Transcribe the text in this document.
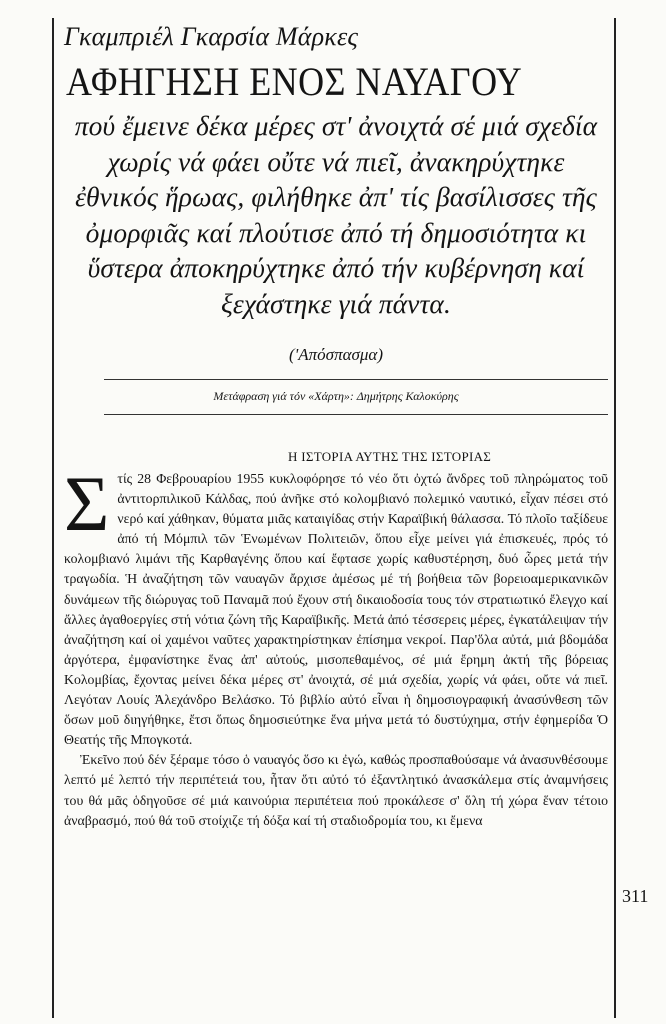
Γκαμπριέλ Γκαρσία Μάρκες
ΑΦΗΓΗΣΗ ΕΝΟΣ ΝΑΥΑΓΟΥ
πού ἔμεινε δέκα μέρες στ' ἀνοιχτά σέ μιά σχεδία χωρίς νά φάει οὔτε νά πιεῖ, ἀνακηρύχτηκε ἐθνικός ἥρωας, φιλήθηκε ἀπ' τίς βασίλισσες τῆς ὀμορφιᾶς καί πλούτισε ἀπό τή δημοσιότητα κι ὕστερα ἀποκηρύχτηκε ἀπό τήν κυβέρνηση καί ξεχάστηκε γιά πάντα.
('Απόσπασμα)
Μετάφραση γιά τόν «Χάρτη»: Δημήτρης Καλοκύρης
Η ΙΣΤΟΡΙΑ ΑΥΤΗΣ ΤΗΣ ΙΣΤΟΡΙΑΣ

Στίς 28 Φεβρουαρίου 1955 κυκλοφόρησε τό νέο ὅτι ὀχτώ ἄνδρες τοῦ πληρώματος τοῦ ἀντιτορπιλικοῦ Κάλδας, πού ἀνῆκε στό κολομβιανό πολεμικό ναυτικό, εἶχαν πέσει στό νερό καί χάθηκαν, θύματα μιᾶς καταιγίδας στήν Καραϊβική θάλασσα. Τό πλοῖο ταξίδευε ἀπό τή Μόμπιλ τῶν Ἑνωμένων Πολιτειῶν, ὅπου εἶχε μείνει γιά ἐπισκευές, πρός τό κολομβιανό λιμάνι τῆς Καρθαγένης ὅπου καί ἔφτασε χωρίς καθυστέρηση, δυό ὧρες μετά τήν τραγωδία. Ἡ ἀναζήτηση τῶν ναυαγῶν ἄρχισε ἀμέσως μέ τή βοήθεια τῶν βορειοαμερικανικῶν δυνάμεων τῆς διώρυγας τοῦ Παναμᾶ πού ἔχουν στή δικαιοδοσία τους τόν στρατιωτικό ἔλεγχο καί ἄλλες ἀγαθοεργίες στή νότια ζώνη τῆς Καραϊβικῆς. Μετά ἀπό τέσσερεις μέρες, ἐγκατάλειψαν τήν ἀναζήτηση καί οἱ χαμένοι ναῦτες χαρακτηρίστηκαν ἐπίσημα νεκροί. Παρ'ὅλα αὐτά, μιά βδομάδα ἀργότερα, ἐμφανίστηκε ἕνας ἀπ' αὐτούς, μισοπεθαμένος, σέ μιά ἔρημη ἀκτή τῆς βόρειας Κολομβίας, ἔχοντας μείνει δέκα μέρες στ' ἀνοιχτά, σέ μιά σχεδία, χωρίς νά φάει, οὔτε νά πιεῖ. Λεγόταν Λουίς Ἀλεχάνδρο Βελάσκο. Τό βιβλίο αὐτό εἶναι ἡ δημοσιογραφική ἀνασύνθεση τῶν ὅσων μοῦ διηγήθηκε, ἔτσι ὅπως δημοσιεύτηκε ἕνα μήνα μετά τό δυστύχημα, στήν ἐφημερίδα Ὁ Θεατής τῆς Μπογκοτά.

Ἐκεῖνο πού δέν ξέραμε τόσο ὁ ναυαγός ὅσο κι ἐγώ, καθώς προσπαθούσαμε νά ἀνασυνθέσουμε λεπτό μέ λεπτό τήν περιπέτειά του, ἦταν ὅτι αὐτό τό ἐξαντλητικό ἀνασκάλεμα στίς ἀναμνήσεις του θά μᾶς ὁδηγοῦσε σέ μιά καινούρια περιπέτεια πού προκάλεσε σ' ὅλη τή χώρα ἕναν τέτοιο ἀναβρασμό, πού θά τοῦ στοίχιζε τή δόξα καί τή σταδιοδρομία του, κι ἔμενα

311
